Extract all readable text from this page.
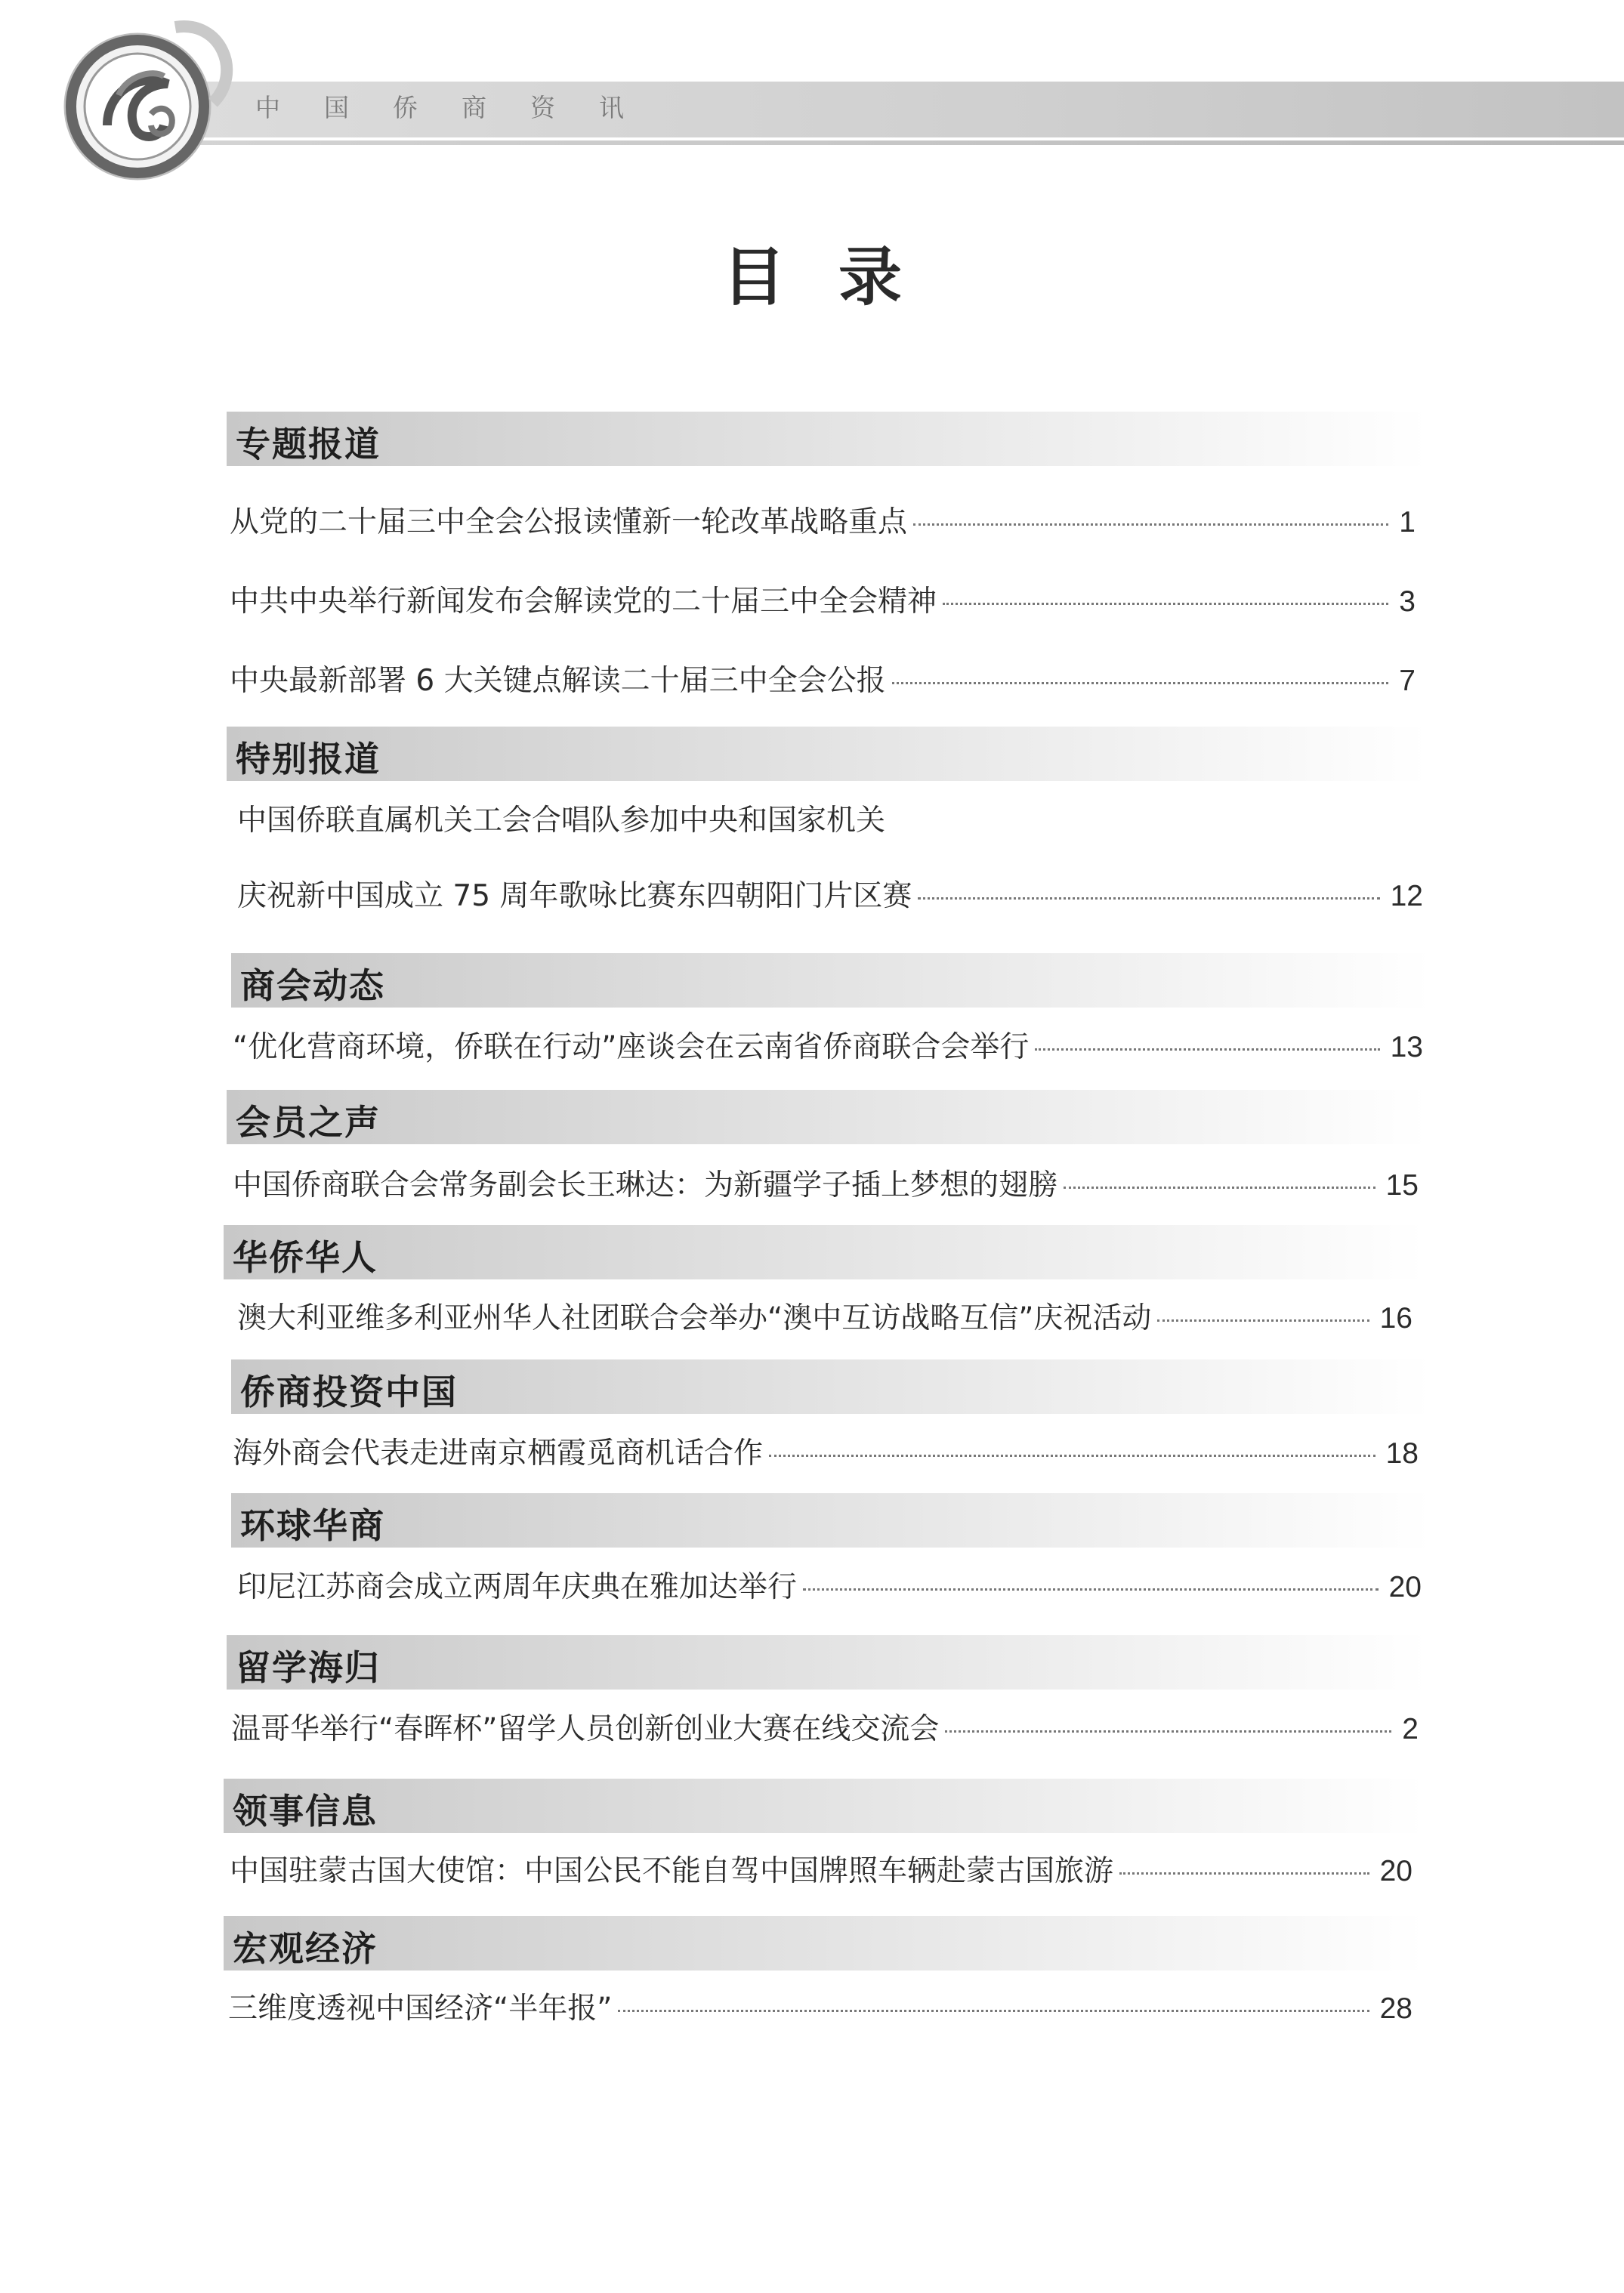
中国侨商资讯
目录
专题报道
从党的二十届三中全会公报读懂新一轮改革战略重点	1
中共中央举行新闻发布会解读党的二十届三中全会精神	3
中央最新部署 6 大关键点解读二十届三中全会公报	7
特别报道
中国侨联直属机关工会合唱队参加中央和国家机关
庆祝新中国成立 75 周年歌咏比赛东四朝阳门片区赛	12
商会动态
“优化营商环境，侨联在行动”座谈会在云南省侨商联合会举行	13
会员之声
中国侨商联合会常务副会长王琳达：为新疆学子插上梦想的翅膀	15
华侨华人
澳大利亚维多利亚州华人社团联合会举办“澳中互访战略互信”庆祝活动	16
侨商投资中国
海外商会代表走进南京栖霞觅商机话合作	18
环球华商
印尼江苏商会成立两周年庆典在雅加达举行	20
留学海归
温哥华举行“春晖杯”留学人员创新创业大赛在线交流会	2
领事信息
中国驻蒙古国大使馆：中国公民不能自驾中国牌照车辆赴蒙古国旅游	20
宏观经济
三维度透视中国经济“半年报”	28
